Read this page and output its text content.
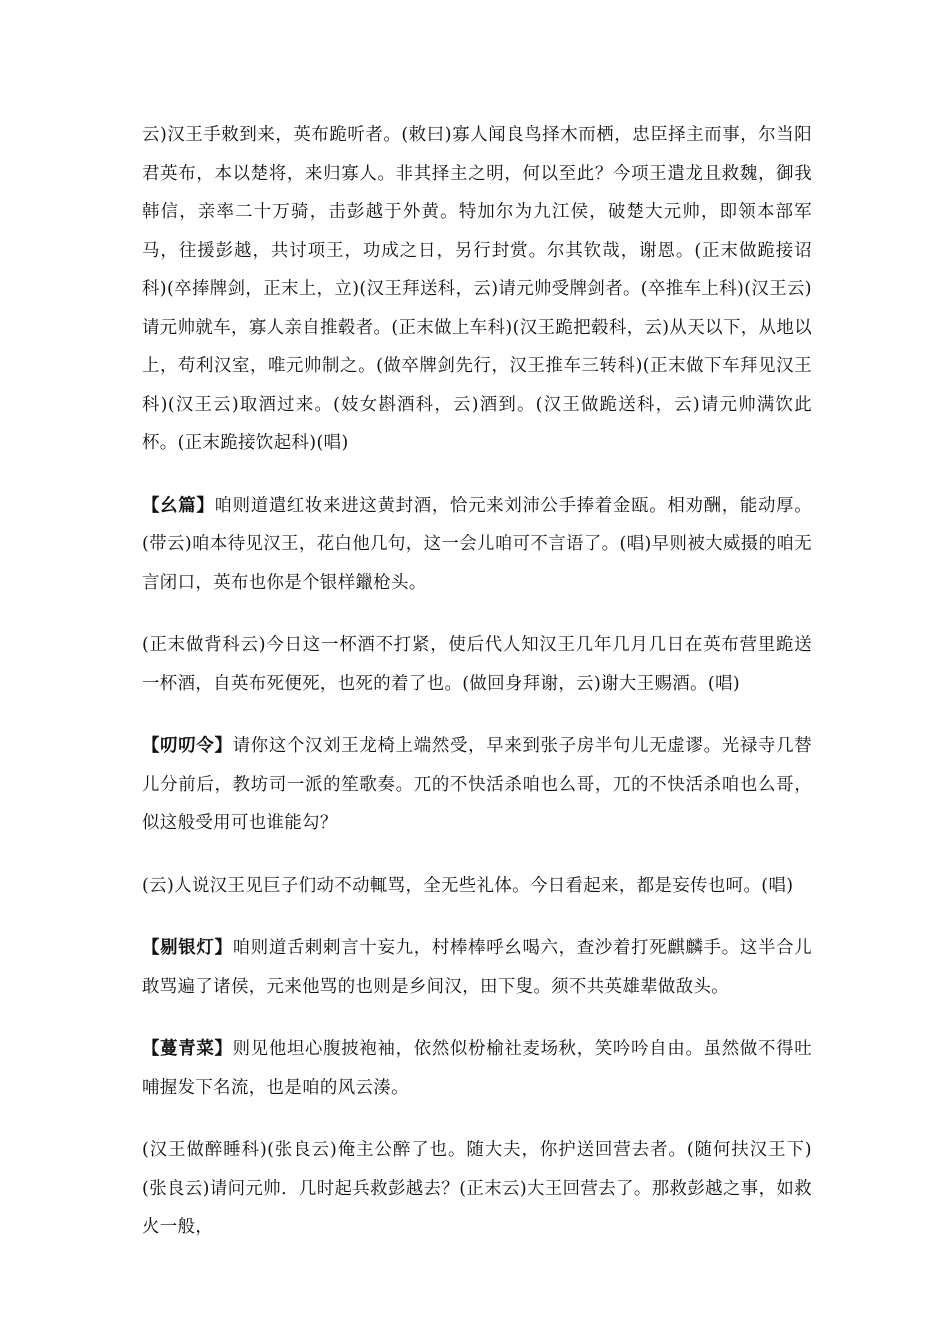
云)汉王手敕到来，英布跪听者。(敕曰)寡人闻良鸟择木而栖，忠臣择主而事，尔当阳君英布，本以楚将，来归寡人。非其择主之明，何以至此？今项王遣龙且救魏，御我韩信，亲率二十万骑，击彭越于外黄。特加尔为九江侯，破楚大元帅，即领本部军马，往援彭越，共讨项王，功成之日，另行封赏。尔其钦哉，谢恩。(正末做跪接诏科)(卒捧牌剑，正末上，立)(汉王拜送科，云)请元帅受牌剑者。(卒推车上科)(汉王云)请元帅就车，寡人亲自推毂者。(正末做上车科)(汉王跪把毂科，云)从天以下，从地以上，苟利汉室，唯元帅制之。(做卒牌剑先行，汉王推车三转科)(正末做下车拜见汉王科)(汉王云)取酒过来。(妓女斟酒科，云)酒到。(汉王做跪送科，云)请元帅满饮此杯。(正末跪接饮起科)(唱)

【幺篇】咱则道遣红妆来进这黄封酒，恰元来刘沛公手捧着金瓯。相劝酬，能动厚。(带云)咱本待见汉王，花白他几句，这一会儿咱可不言语了。(唱)早则被大威摄的咱无言闭口，英布也你是个银样鑞枪头。

(正末做背科云)今日这一杯酒不打紧，使后代人知汉王几年几月几日在英布营里跪送一杯酒，自英布死便死，也死的着了也。(做回身拜谢，云)谢大王赐酒。(唱)

【叨叨令】请你这个汉刘王龙椅上端然受，早来到张子房半句儿无虚谬。光禄寺几替儿分前后，教坊司一派的笙歌奏。兀的不快活杀咱也么哥，兀的不快活杀咱也么哥，似这般受用可也谁能勾？

(云)人说汉王见巨子们动不动輒骂，全无些礼体。今日看起来，都是妄传也呵。(唱)

【剔银灯】咱则道舌剌剌言十妄九，村棒棒呼幺喝六，查沙着打死麒麟手。这半合儿敢骂遍了诸侯，元来他骂的也则是乡间汉，田下叟。须不共英雄辈做敌头。

【蔓青菜】则见他坦心腹披袍袖，依然似枌榆社麦场秋，笑吟吟自由。虽然做不得吐哺握发下名流，也是咱的风云湊。

(汉王做醉睡科)(张良云)俺主公醉了也。随大夫，你护送回营去者。(随何扶汉王下)(张良云)请问元帅．几时起兵救彭越去？(正末云)大王回营去了。那救彭越之事，如救火一般，
